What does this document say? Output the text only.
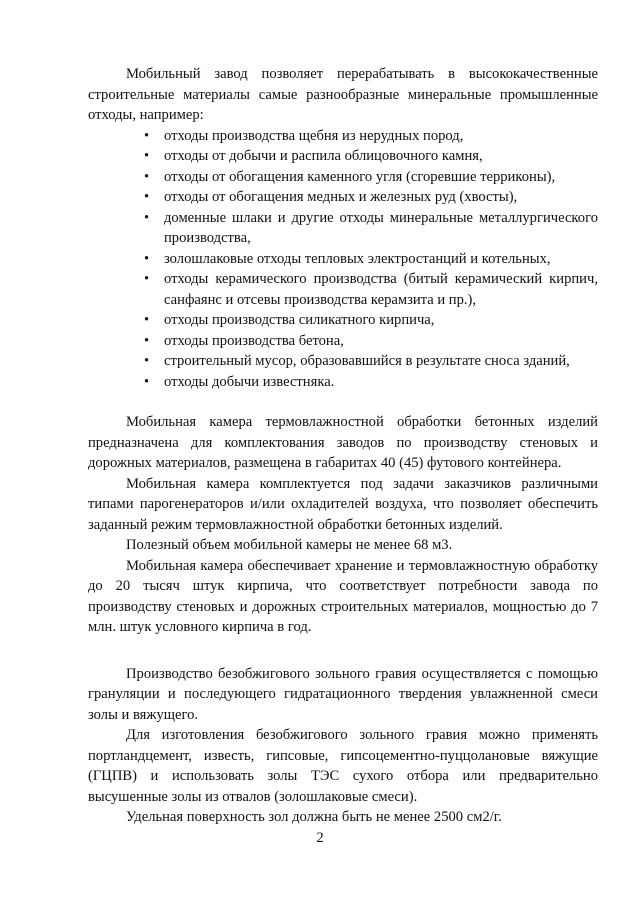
Мобильный завод позволяет перерабатывать в высококачественные строительные материалы самые разнообразные минеральные промышленные отходы, например:

• отходы производства щебня из нерудных пород,
• отходы от добычи и распила облицовочного камня,
• отходы от обогащения каменного угля (сгоревшие терриконы),
• отходы от обогащения медных и железных руд (хвосты),
• доменные шлаки и другие отходы минеральные металлургического производства,
• золошлаковые отходы тепловых электростанций и котельных,
• отходы керамического производства (битый керамический кирпич, санфаянс и отсевы производства керамзита и пр.),
• отходы производства силикатного кирпича,
• отходы производства бетона,
• строительный мусор, образовавшийся в результате сноса зданий,
• отходы добычи известняка.

Мобильная камера термовлажностной обработки бетонных изделий предназначена для комплектования заводов по производству стеновых и дорожных материалов, размещена в габаритах 40 (45) футового контейнера.

Мобильная камера комплектуется под задачи заказчиков различными типами парогенераторов и/или охладителей воздуха, что позволяет обеспечить заданный режим термовлажностной обработки бетонных изделий.

Полезный объем мобильной камеры не менее 68 м3.

Мобильная камера обеспечивает хранение и термовлажностную обработку до 20 тысяч штук кирпича, что соответствует потребности завода по производству стеновых и дорожных строительных материалов, мощностью до 7 млн. штук условного кирпича в год.

Производство безобжигового зольного гравия осуществляется с помощью грануляции и последующего гидратационного твердения увлажненной смеси золы и вяжущего.

Для изготовления безобжигового зольного гравия можно применять портландцемент, известь, гипсовые, гипсоцементно-пуццолановые вяжущие (ГЦПВ) и использовать золы ТЭС сухого отбора или предварительно высушенные золы из отвалов (золошлаковые смеси).

Удельная поверхность зол должна быть не менее 2500 см2/г.

2
